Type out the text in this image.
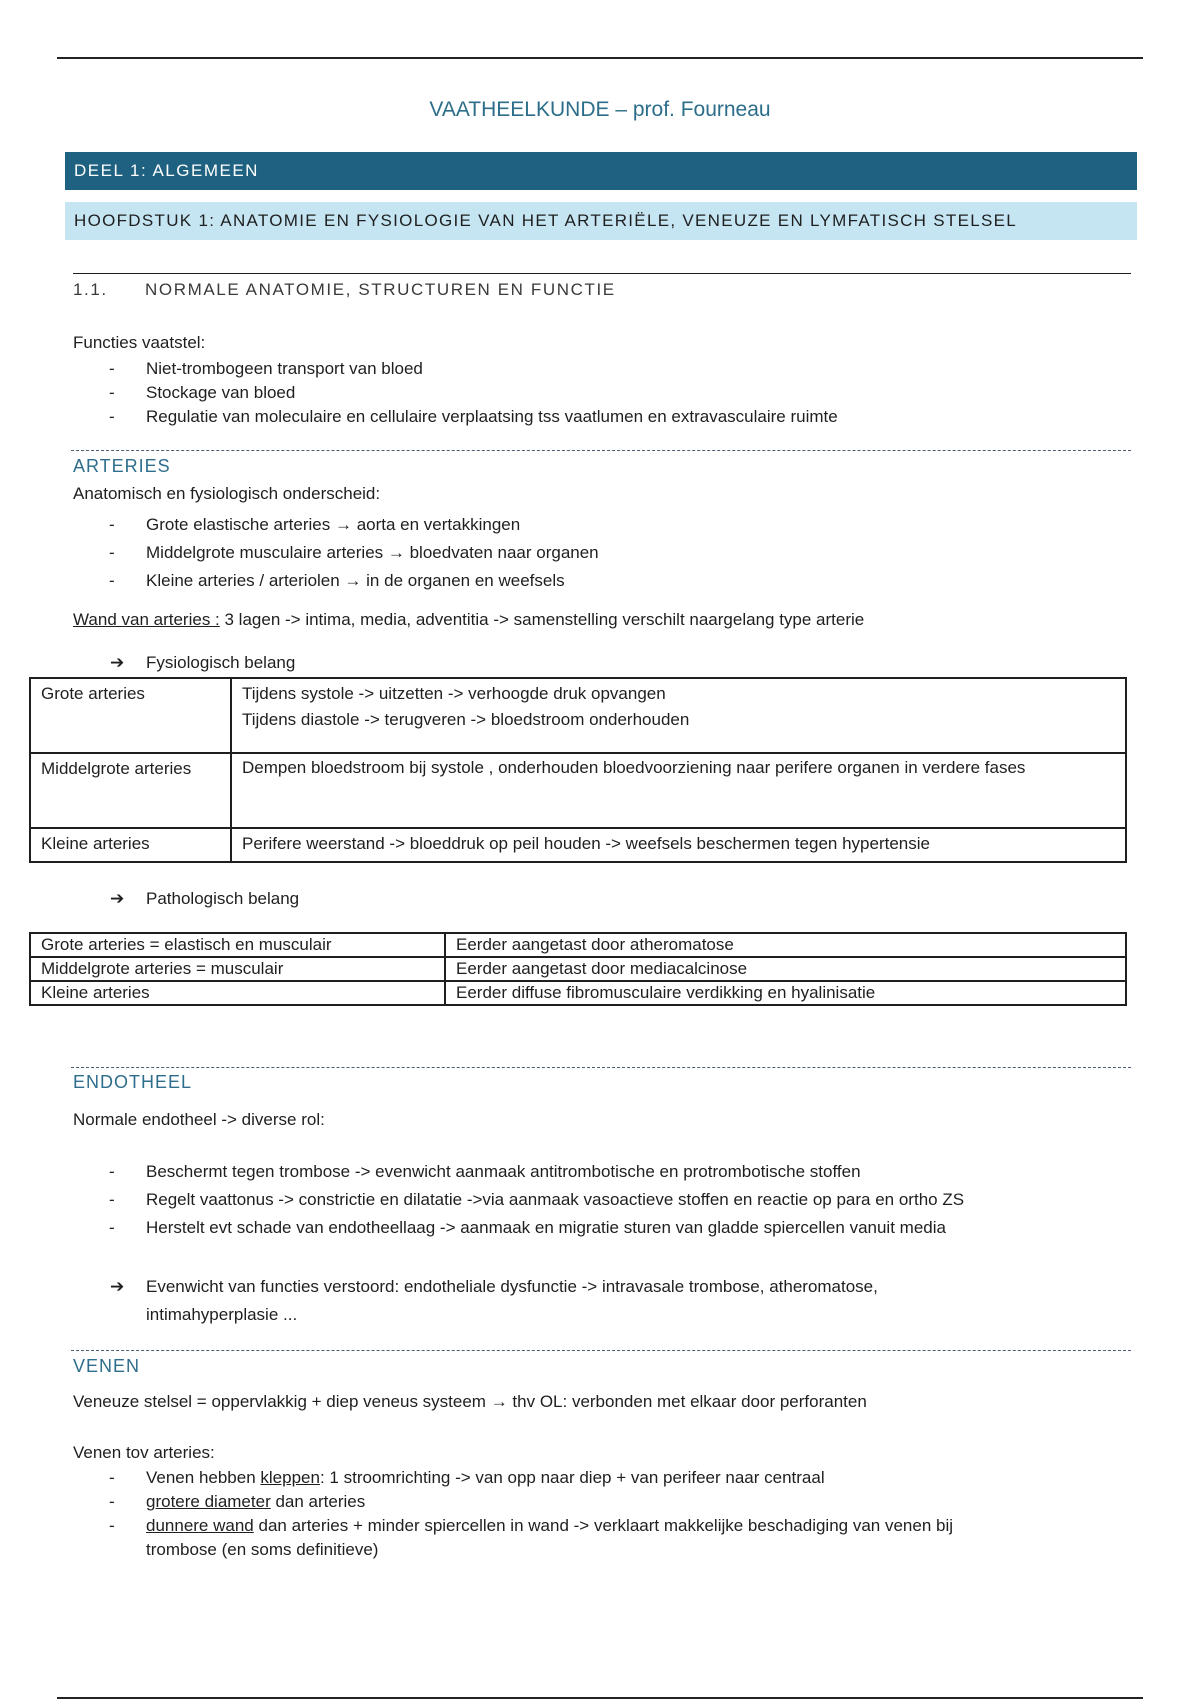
VAATHEELKUNDE – prof. Fourneau
DEEL 1: ALGEMEEN
HOOFDSTUK 1: ANATOMIE EN FYSIOLOGIE VAN HET ARTERIËLE, VENEUZE EN LYMFATISCH STELSEL
1.1. NORMALE ANATOMIE, STRUCTUREN EN FUNCTIE
Functies vaatstel:
- Niet-trombogeen transport van bloed
- Stockage van bloed
- Regulatie van moleculaire en cellulaire verplaatsing tss vaatlumen en extravasculaire ruimte
ARTERIES
Anatomisch en fysiologisch onderscheid:
- Grote elastische arteries → aorta en vertakkingen
- Middelgrote musculaire arteries → bloedvaten naar organen
- Kleine arteries / arteriolen → in de organen en weefsels
Wand van arteries : 3 lagen -> intima, media, adventitia -> samenstelling verschilt naargelang type arterie
➔ Fysiologisch belang
Grote arteries	Tijdens systole -> uitzetten -> verhoogde druk opvangen
Tijdens diastole -> terugveren -> bloedstroom onderhouden

Middelgrote arteries	Dempen bloedstroom bij systole , onderhouden bloedvoorziening naar perifere organen in verdere fases

Kleine arteries	Perifere weerstand -> bloeddruk op peil houden -> weefsels beschermen tegen hypertensie
➔ Pathologisch belang
Grote arteries = elastisch en musculair	Eerder aangetast door atheromatose
Middelgrote arteries = musculair	Eerder aangetast door mediacalcinose
Kleine arteries	Eerder diffuse fibromusculaire verdikking en hyalinisatie
ENDOTHEEL
Normale endotheel -> diverse rol:
- Beschermt tegen trombose -> evenwicht aanmaak antitrombotische en protrombotische stoffen
- Regelt vaattonus -> constrictie en dilatatie ->via aanmaak vasoactieve stoffen en reactie op para en ortho ZS
- Herstelt evt schade van endotheellaag -> aanmaak en migratie sturen van gladde spiercellen vanuit media
➔ Evenwicht van functies verstoord: endotheliale dysfunctie -> intravasale trombose, atheromatose,
intimahyperplasie ...
VENEN
Veneuze stelsel = oppervlakkig + diep veneus systeem → thv OL: verbonden met elkaar door perforanten
Venen tov arteries:
- Venen hebben kleppen: 1 stroomrichting -> van opp naar diep + van perifeer naar centraal
- grotere diameter dan arteries
- dunnere wand dan arteries + minder spiercellen in wand -> verklaart makkelijke beschadiging van venen bij
trombose (en soms definitieve)
